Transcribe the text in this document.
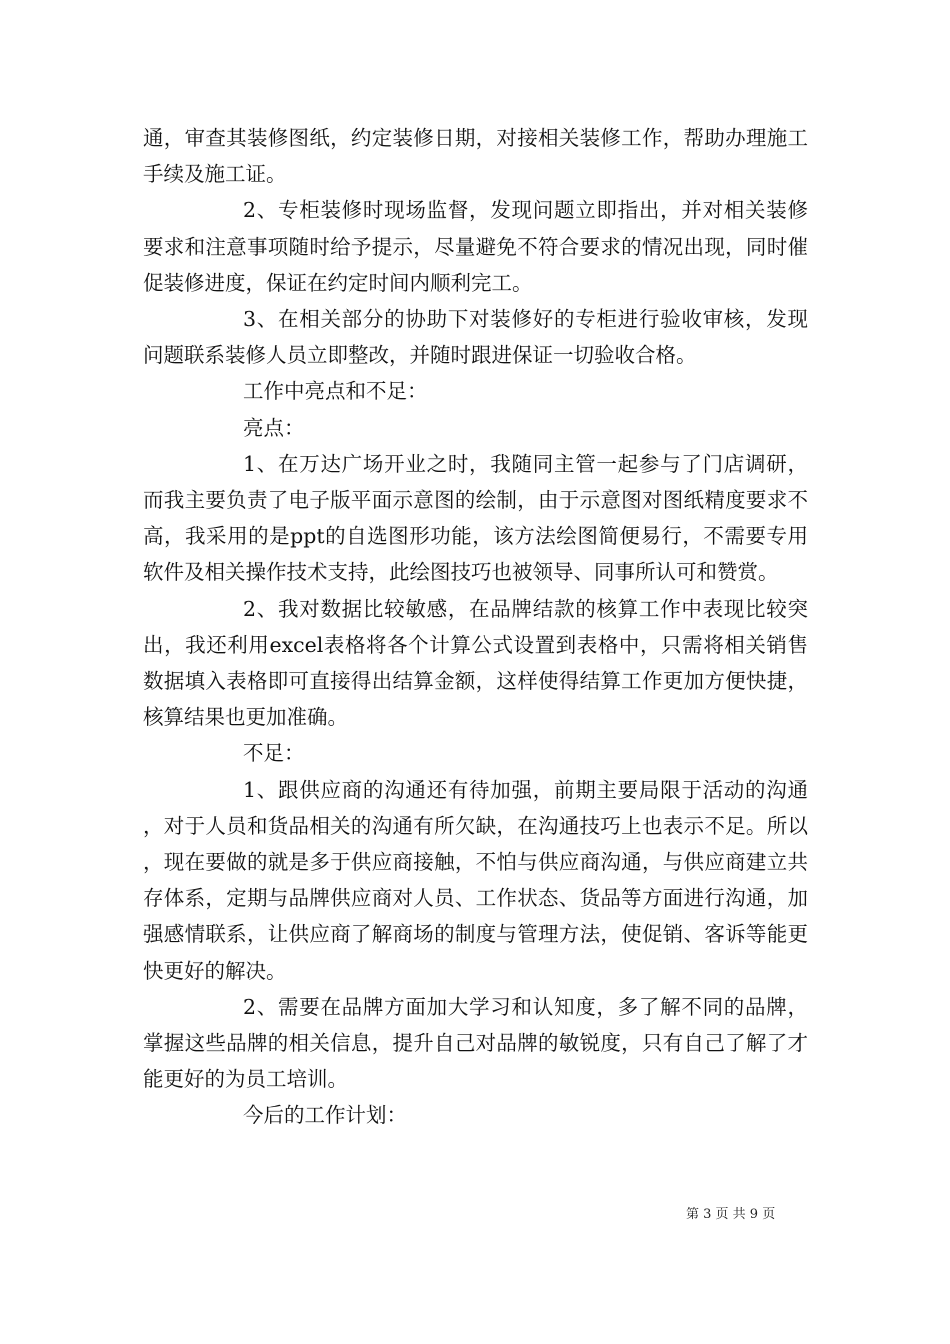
通，审查其装修图纸，约定装修日期，对接相关装修工作，帮助办理施工手续及施工证。

2、专柜装修时现场监督，发现问题立即指出，并对相关装修要求和注意事项随时给予提示，尽量避免不符合要求的情况出现，同时催促装修进度，保证在约定时间内顺利完工。

3、在相关部分的协助下对装修好的专柜进行验收审核，发现问题联系装修人员立即整改，并随时跟进保证一切验收合格。

工作中亮点和不足：

亮点：

1、在万达广场开业之时，我随同主管一起参与了门店调研，而我主要负责了电子版平面示意图的绘制，由于示意图对图纸精度要求不高，我采用的是ppt的自选图形功能，该方法绘图简便易行，不需要专用软件及相关操作技术支持，此绘图技巧也被领导、同事所认可和赞赏。

2、我对数据比较敏感，在品牌结款的核算工作中表现比较突出，我还利用excel表格将各个计算公式设置到表格中，只需将相关销售数据填入表格即可直接得出结算金额，这样使得结算工作更加方便快捷，核算结果也更加准确。

不足：

1、跟供应商的沟通还有待加强，前期主要局限于活动的沟通，对于人员和货品相关的沟通有所欠缺，在沟通技巧上也表示不足。所以，现在要做的就是多于供应商接触，不怕与供应商沟通，与供应商建立共存体系，定期与品牌供应商对人员、工作状态、货品等方面进行沟通，加强感情联系，让供应商了解商场的制度与管理方法，使促销、客诉等能更快更好的解决。

2、需要在品牌方面加大学习和认知度，多了解不同的品牌，掌握这些品牌的相关信息，提升自己对品牌的敏锐度，只有自己了解了才能更好的为员工培训。

今后的工作计划：

第 3 页 共 9 页
